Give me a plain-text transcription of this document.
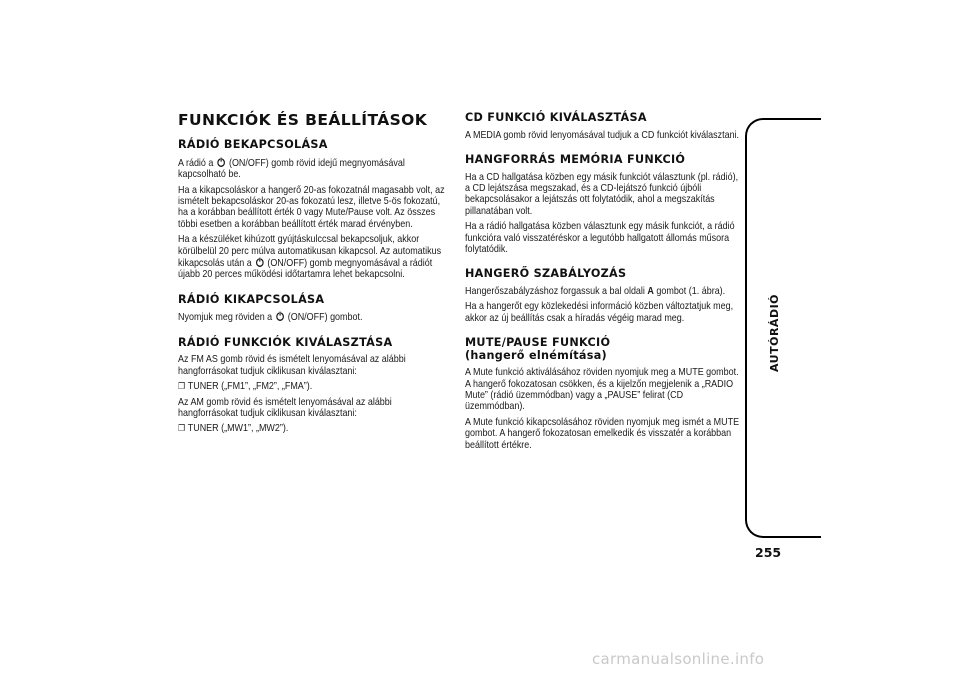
FUNKCIÓK ÉS BEÁLLÍTÁSOK
RÁDIÓ BEKAPCSOLÁSA

A rádió a (ON/OFF) gomb rövid idejű megnyomásával kapcsolható be.

Ha a kikapcsoláskor a hangerő 20-as fokozatnál magasabb volt, az ismételt bekapcsoláskor 20-as fokozatú lesz, illetve 5-ös fokozatú, ha a korábban beállított érték 0 vagy Mute/Pause volt. Az összes többi esetben a korábban beállított érték marad érvényben.

Ha a készüléket kihúzott gyújtáskulccsal bekapcsoljuk, akkor körülbelül 20 perc múlva automatikusan kikapcsol. Az automatikus kikapcsolás után a (ON/OFF) gomb megnyomásával a rádiót újabb 20 perces működési időtartamra lehet bekapcsolni.

RÁDIÓ KIKAPCSOLÁSA

Nyomjuk meg röviden a (ON/OFF) gombot.

RÁDIÓ FUNKCIÓK KIVÁLASZTÁSA

Az FM AS gomb rövid és ismételt lenyomásával az alábbi hangforrásokat tudjuk ciklikusan kiválasztani:

❒ TUNER („FM1”, „FM2”, „FMA”).

Az AM gomb rövid és ismételt lenyomásával az alábbi hangforrásokat tudjuk ciklikusan kiválasztani:

❒ TUNER („MW1”, „MW2”).

CD FUNKCIÓ KIVÁLASZTÁSA

A MEDIA gomb rövid lenyomásával tudjuk a CD funkciót kiválasztani.

HANGFORRÁS MEMÓRIA FUNKCIÓ

Ha a CD hallgatása közben egy másik funkciót választunk (pl. rádió), a CD lejátszása megszakad, és a CD-lejátszó funkció újbóli bekapcsolásakor a lejátszás ott folytatódik, ahol a megszakítás pillanatában volt.

Ha a rádió hallgatása közben választunk egy másik funkciót, a rádió funkcióra való visszatéréskor a legutóbb hallgatott állomás műsora folytatódik.

HANGERŐ SZABÁLYOZÁS

Hangerőszabályzáshoz forgassuk a bal oldali A gombot (1. ábra).

Ha a hangerőt egy közlekedési információ közben változtatjuk meg, akkor az új beállítás csak a híradás végéig marad meg.

MUTE/PAUSE FUNKCIÓ
(hangerő elnémítása)

A Mute funkció aktiválásához röviden nyomjuk meg a MUTE gombot. A hangerő fokozatosan csökken, és a kijelzőn megjelenik a „RADIO Mute” (rádió üzemmódban) vagy a „PAUSE” felirat (CD üzemmódban).

A Mute funkció kikapcsolásához röviden nyomjuk meg ismét a MUTE gombot. A hangerő fokozatosan emelkedik és visszatér a korábban beállított értékre.

AUTÓRÁDIÓ
255
carmanualsonline.info
